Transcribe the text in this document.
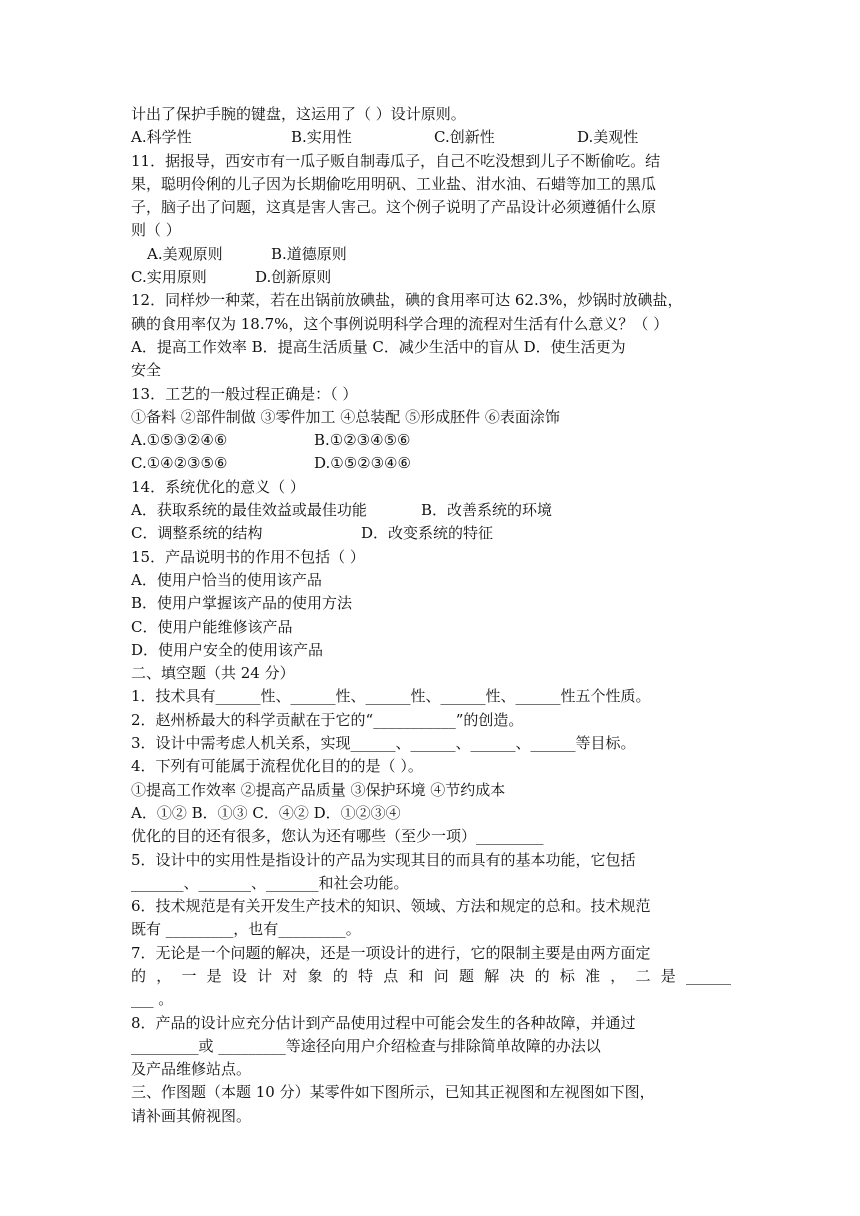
计出了保护手腕的键盘，这运用了（ ）设计原则。
A.科学性	B.实用性	C.创新性	D.美观性
11．据报导，西安市有一瓜子贩自制毒瓜子，自己不吃没想到儿子不断偷吃。结
果，聪明伶俐的儿子因为长期偷吃用明矾、工业盐、泔水油、石蜡等加工的黑瓜
子，脑子出了问题，这真是害人害己。这个例子说明了产品设计必须遵循什么原
则（ ）
A.美观原则	B.道德原则
C.实用原则	D.创新原则
12．同样炒一种菜，若在出锅前放碘盐，碘的食用率可达 62.3%，炒锅时放碘盐，
碘的食用率仅为 18.7%，这个事例说明科学合理的流程对生活有什么意义？（ ）
A．提高工作效率 B．提高生活质量 C．减少生活中的盲从 D．使生活更为
安全
13．工艺的一般过程正确是：（ ）
①备料 ②部件制做 ③零件加工 ④总装配 ⑤形成胚件 ⑥表面涂饰
A.①⑤③②④⑥	B.①②③④⑤⑥
C.①④②③⑤⑥	D.①⑤②③④⑥
14．系统优化的意义（ ）
A．获取系统的最佳效益或最佳功能	B．改善系统的环境
C．调整系统的结构	D．改变系统的特征
15．产品说明书的作用不包括（ ）
A．使用户恰当的使用该产品
B．使用户掌握该产品的使用方法
C．使用户能维修该产品
D．使用户安全的使用该产品
二、填空题（共 24 分）
1．技术具有______性、______性、______性、______性、______性五个性质。
2．赵州桥最大的科学贡献在于它的“___________”的创造。
3．设计中需考虑人机关系，实现______、______、______、______等目标。
4．下列有可能属于流程优化目的的是（ ）。
①提高工作效率 ②提高产品质量 ③保护环境 ④节约成本
A．①② B．①③ C．④② D．①②③④
优化的目的还有很多，您认为还有哪些（至少一项）_________
5．设计中的实用性是指设计的产品为实现其目的而具有的基本功能，它包括
_______、_______、_______和社会功能。
6．技术规范是有关开发生产技术的知识、领域、方法和规定的总和。技术规范
既有 _________，也有_________。
7．无论是一个问题的解决，还是一项设计的进行，它的限制主要是由两方面定
的，一是设计对象的特点和问题解决的标准，二是______
___ 。
8．产品的设计应充分估计到产品使用过程中可能会发生的各种故障，并通过
_________或 _________等途径向用户介绍检查与排除简单故障的办法以
及产品维修站点。
三、作图题（本题 10 分）某零件如下图所示，已知其正视图和左视图如下图，
请补画其俯视图。
